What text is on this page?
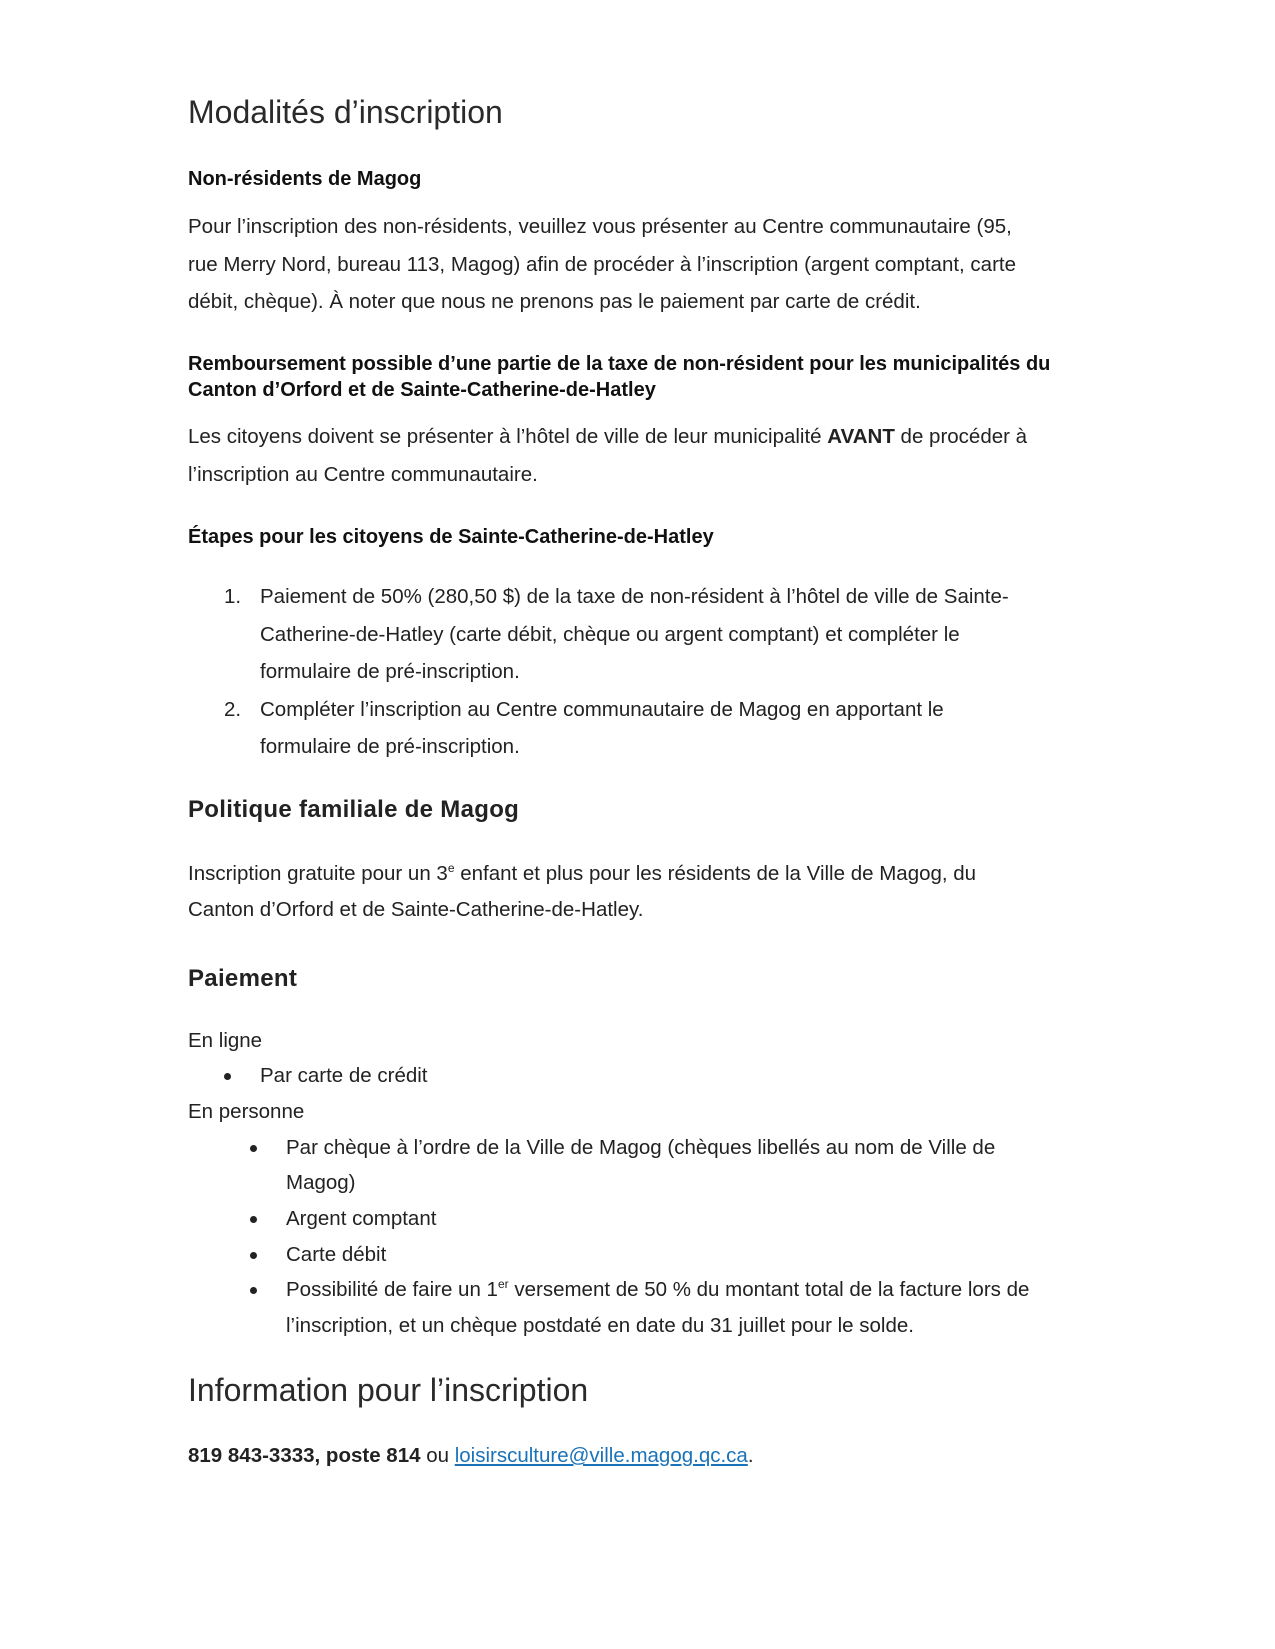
Modalités d’inscription
Non-résidents de Magog
Pour l’inscription des non-résidents, veuillez vous présenter au Centre communautaire (95,
rue Merry Nord, bureau 113, Magog) afin de procéder à l’inscription (argent comptant, carte
débit, chèque). À noter que nous ne prenons pas le paiement par carte de crédit.
Remboursement possible d’une partie de la taxe de non-résident pour les municipalités du
Canton d’Orford et de Sainte-Catherine-de-Hatley
Les citoyens doivent se présenter à l’hôtel de ville de leur municipalité AVANT de procéder à
l’inscription au Centre communautaire.
Étapes pour les citoyens de Sainte-Catherine-de-Hatley
1. Paiement de 50% (280,50 $) de la taxe de non-résident à l’hôtel de ville de Sainte-
Catherine-de-Hatley (carte débit, chèque ou argent comptant) et compléter le
formulaire de pré-inscription.
2. Compléter l’inscription au Centre communautaire de Magog en apportant le
formulaire de pré-inscription.
Politique familiale de Magog
Inscription gratuite pour un 3e enfant et plus pour les résidents de la Ville de Magog, du
Canton d’Orford et de Sainte-Catherine-de-Hatley.
Paiement
En ligne
Par carte de crédit
En personne
Par chèque à l’ordre de la Ville de Magog (chèques libellés au nom de Ville de
Magog)
Argent comptant
Carte débit
Possibilité de faire un 1er versement de 50 % du montant total de la facture lors de
l’inscription, et un chèque postdaté en date du 31 juillet pour le solde.
Information pour l’inscription
819 843-3333, poste 814 ou loisirsculture@ville.magog.qc.ca.
